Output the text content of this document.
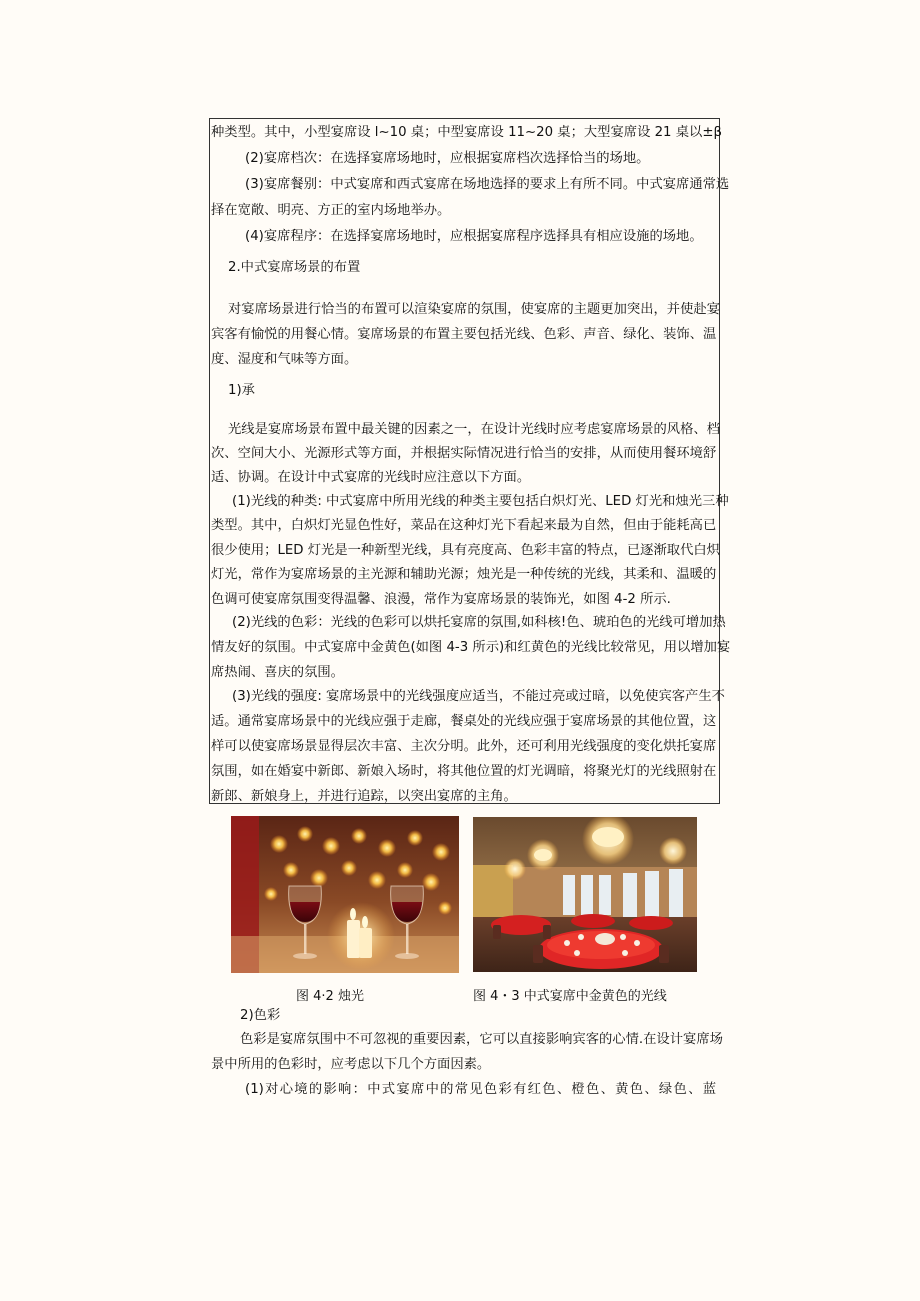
种类型。其中，小型宴席设 l~10 桌；中型宴席设 11~20 桌；大型宴席设 21 桌以±β
(2)宴席档次：在选择宴席场地时，应根据宴席档次选择恰当的场地。
(3)宴席餐别：中式宴席和西式宴席在场地选择的要求上有所不同。中式宴席通常选
择在宽敞、明亮、方正的室内场地举办。
(4)宴席程序：在选择宴席场地时，应根据宴席程序选择具有相应设施的场地。
2.中式宴席场景的布置
对宴席场景进行恰当的布置可以渲染宴席的氛围，使宴席的主题更加突出，并使赴宴
宾客有愉悦的用餐心情。宴席场景的布置主要包括光线、色彩、声音、绿化、装饰、温
度、湿度和气味等方面。
1)承
光线是宴席场景布置中最关键的因素之一，在设计光线时应考虑宴席场景的风格、档
次、空间大小、光源形式等方面，并根据实际情况进行恰当的安排，从而使用餐环境舒
适、协调。在设计中式宴席的光线时应注意以下方面。
(1)光线的种类: 中式宴席中所用光线的种类主要包括白炽灯光、LED 灯光和烛光三种
类型。其中，白炽灯光显色性好，菜品在这种灯光下看起来最为自然，但由于能耗高已
很少使用；LED 灯光是一种新型光线，具有亮度高、色彩丰富的特点，已逐渐取代白炽
灯光，常作为宴席场景的主光源和辅助光源；烛光是一种传统的光线，其柔和、温暖的
色调可使宴席氛围变得温馨、浪漫，常作为宴席场景的装饰光，如图 4-2 所示.
(2)光线的色彩：光线的色彩可以烘托宴席的氛围,如科核!色、琥珀色的光线可增加热
情友好的氛围。中式宴席中金黄色(如图 4-3 所示)和红黄色的光线比较常见，用以增加宴
席热闹、喜庆的氛围。
(3)光线的强度: 宴席场景中的光线强度应适当，不能过亮或过暗，以免使宾客产生不
适。通常宴席场景中的光线应强于走廊，餐桌处的光线应强于宴席场景的其他位置，这
样可以使宴席场景显得层次丰富、主次分明。此外，还可利用光线强度的变化烘托宴席
氛围，如在婚宴中新郎、新娘入场时，将其他位置的灯光调暗，将聚光灯的光线照射在
新郎、新娘身上，并进行追踪，以突出宴席的主角。
图 4·2 烛光	图 4・3 中式宴席中金黄色的光线
2)色彩
色彩是宴席氛围中不可忽视的重要因素，它可以直接影响宾客的心情.在设计宴席场
景中所用的色彩时，应考虑以下几个方面因素。
(1)对心境的影响：中式宴席中的常见色彩有红色、橙色、黄色、绿色、蓝
